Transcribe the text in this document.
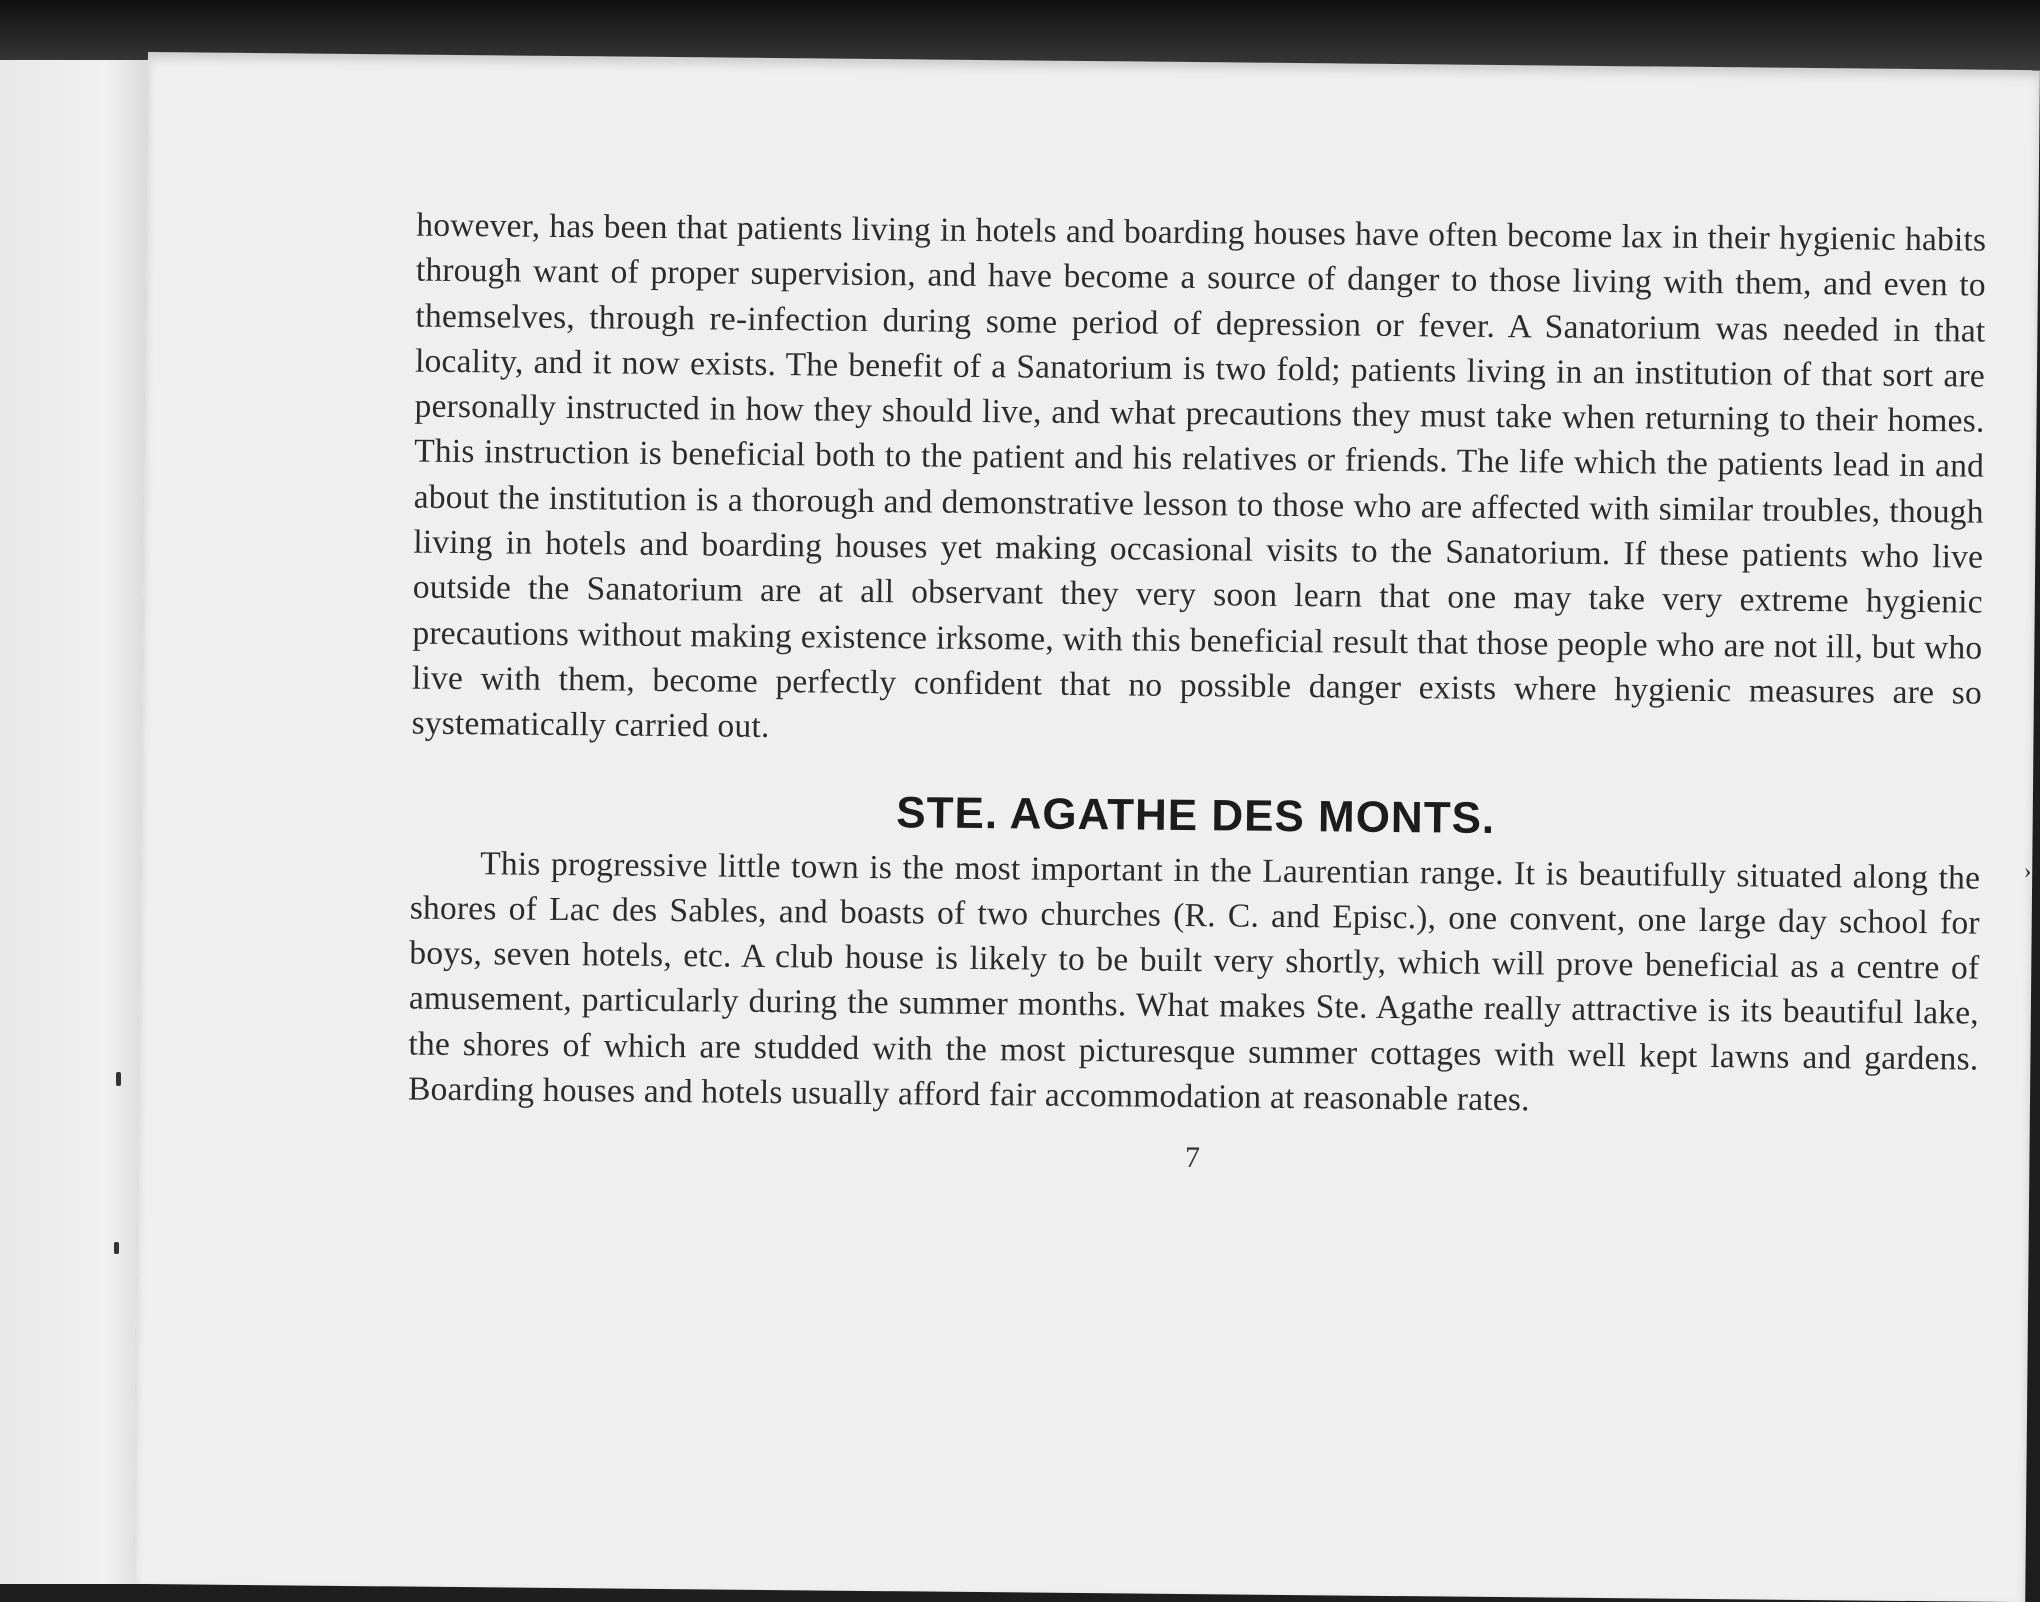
however, has been that patients living in hotels and boarding houses have often become lax in their hygienic habits through want of proper supervision, and have become a source of danger to those living with them, and even to themselves, through re-infection during some period of depression or fever. A Sanatorium was needed in that locality, and it now exists. The benefit of a Sanatorium is two fold; patients living in an institution of that sort are personally instructed in how they should live, and what precautions they must take when returning to their homes. This instruction is beneficial both to the patient and his relatives or friends. The life which the patients lead in and about the institution is a thorough and demonstrative lesson to those who are affected with similar troubles, though living in hotels and boarding houses yet making occasional visits to the Sanatorium. If these patients who live outside the Sanatorium are at all observant they very soon learn that one may take very extreme hygienic precautions without making existence irksome, with this beneficial result that those people who are not ill, but who live with them, become perfectly confident that no possible danger exists where hygienic measures are so systematically carried out.

STE. AGATHE DES MONTS.

This progressive little town is the most important in the Laurentian range. It is beautifully situated along the shores of Lac des Sables, and boasts of two churches (R. C. and Episc.), one convent, one large day school for boys, seven hotels, etc. A club house is likely to be built very shortly, which will prove beneficial as a centre of amusement, particularly during the summer months. What makes Ste. Agathe really attractive is its beautiful lake, the shores of which are studded with the most picturesque summer cottages with well kept lawns and gardens. Boarding houses and hotels usually afford fair accommodation at reasonable rates.

7
›
